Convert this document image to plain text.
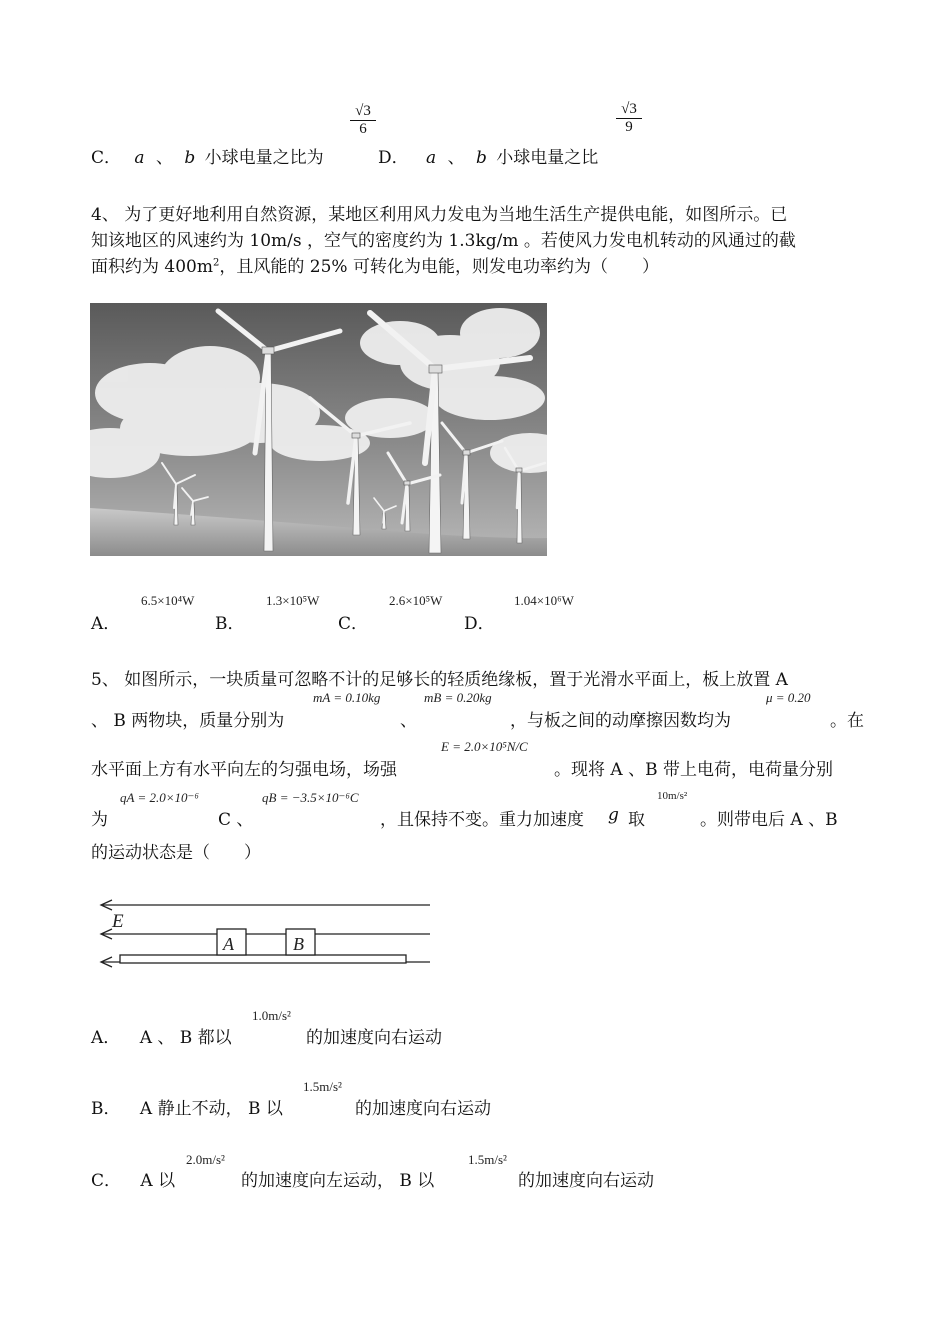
C． a 、 b 小球电量之比为
$\frac{√3}{6}$
D． a 、 b 小球电量之比
$\frac{√3}{9}$
4、 为了更好地利用自然资源，某地区利用风力发电为当地生活生产提供电能，如图所示。已
知该地区的风速约为 10m/s ，空气的密度约为 1.3kg/m 。若使风力发电机转动的风通过的截
面积约为 $400m^2$，且风能的 25% 可转化为电能，则发电功率约为（　　）
A．
6.5×10⁴W
B．
1.3×10⁵W
C．
2.6×10⁵W
D．
1.04×10⁶W
5、 如图所示，一块质量可忽略不计的足够长的轻质绝缘板，置于光滑水平面上，板上放置 A
、 B 两物块，质量分别为
mA = 0.10kg
、
mB = 0.20kg
，与板之间的动摩擦因数均为
μ = 0.20
。在
水平面上方有水平向左的匀强电场，场强
E = 2.0×10⁵N/C
。现将 A 、B 带上电荷，电荷量分别
为
qA = 2.0×10⁻⁶
C 、
qB = −3.5×10⁻⁶C
，且保持不变。重力加速度 g 取
10m/s²
。则带电后 A 、B
的运动状态是（　　）
E
A	B
A． A 、 B 都以
1.0m/s²
的加速度向右运动
B． A 静止不动， B 以
1.5m/s²
的加速度向右运动
C． A 以
2.0m/s²
的加速度向左运动， B 以
1.5m/s²
的加速度向右运动
